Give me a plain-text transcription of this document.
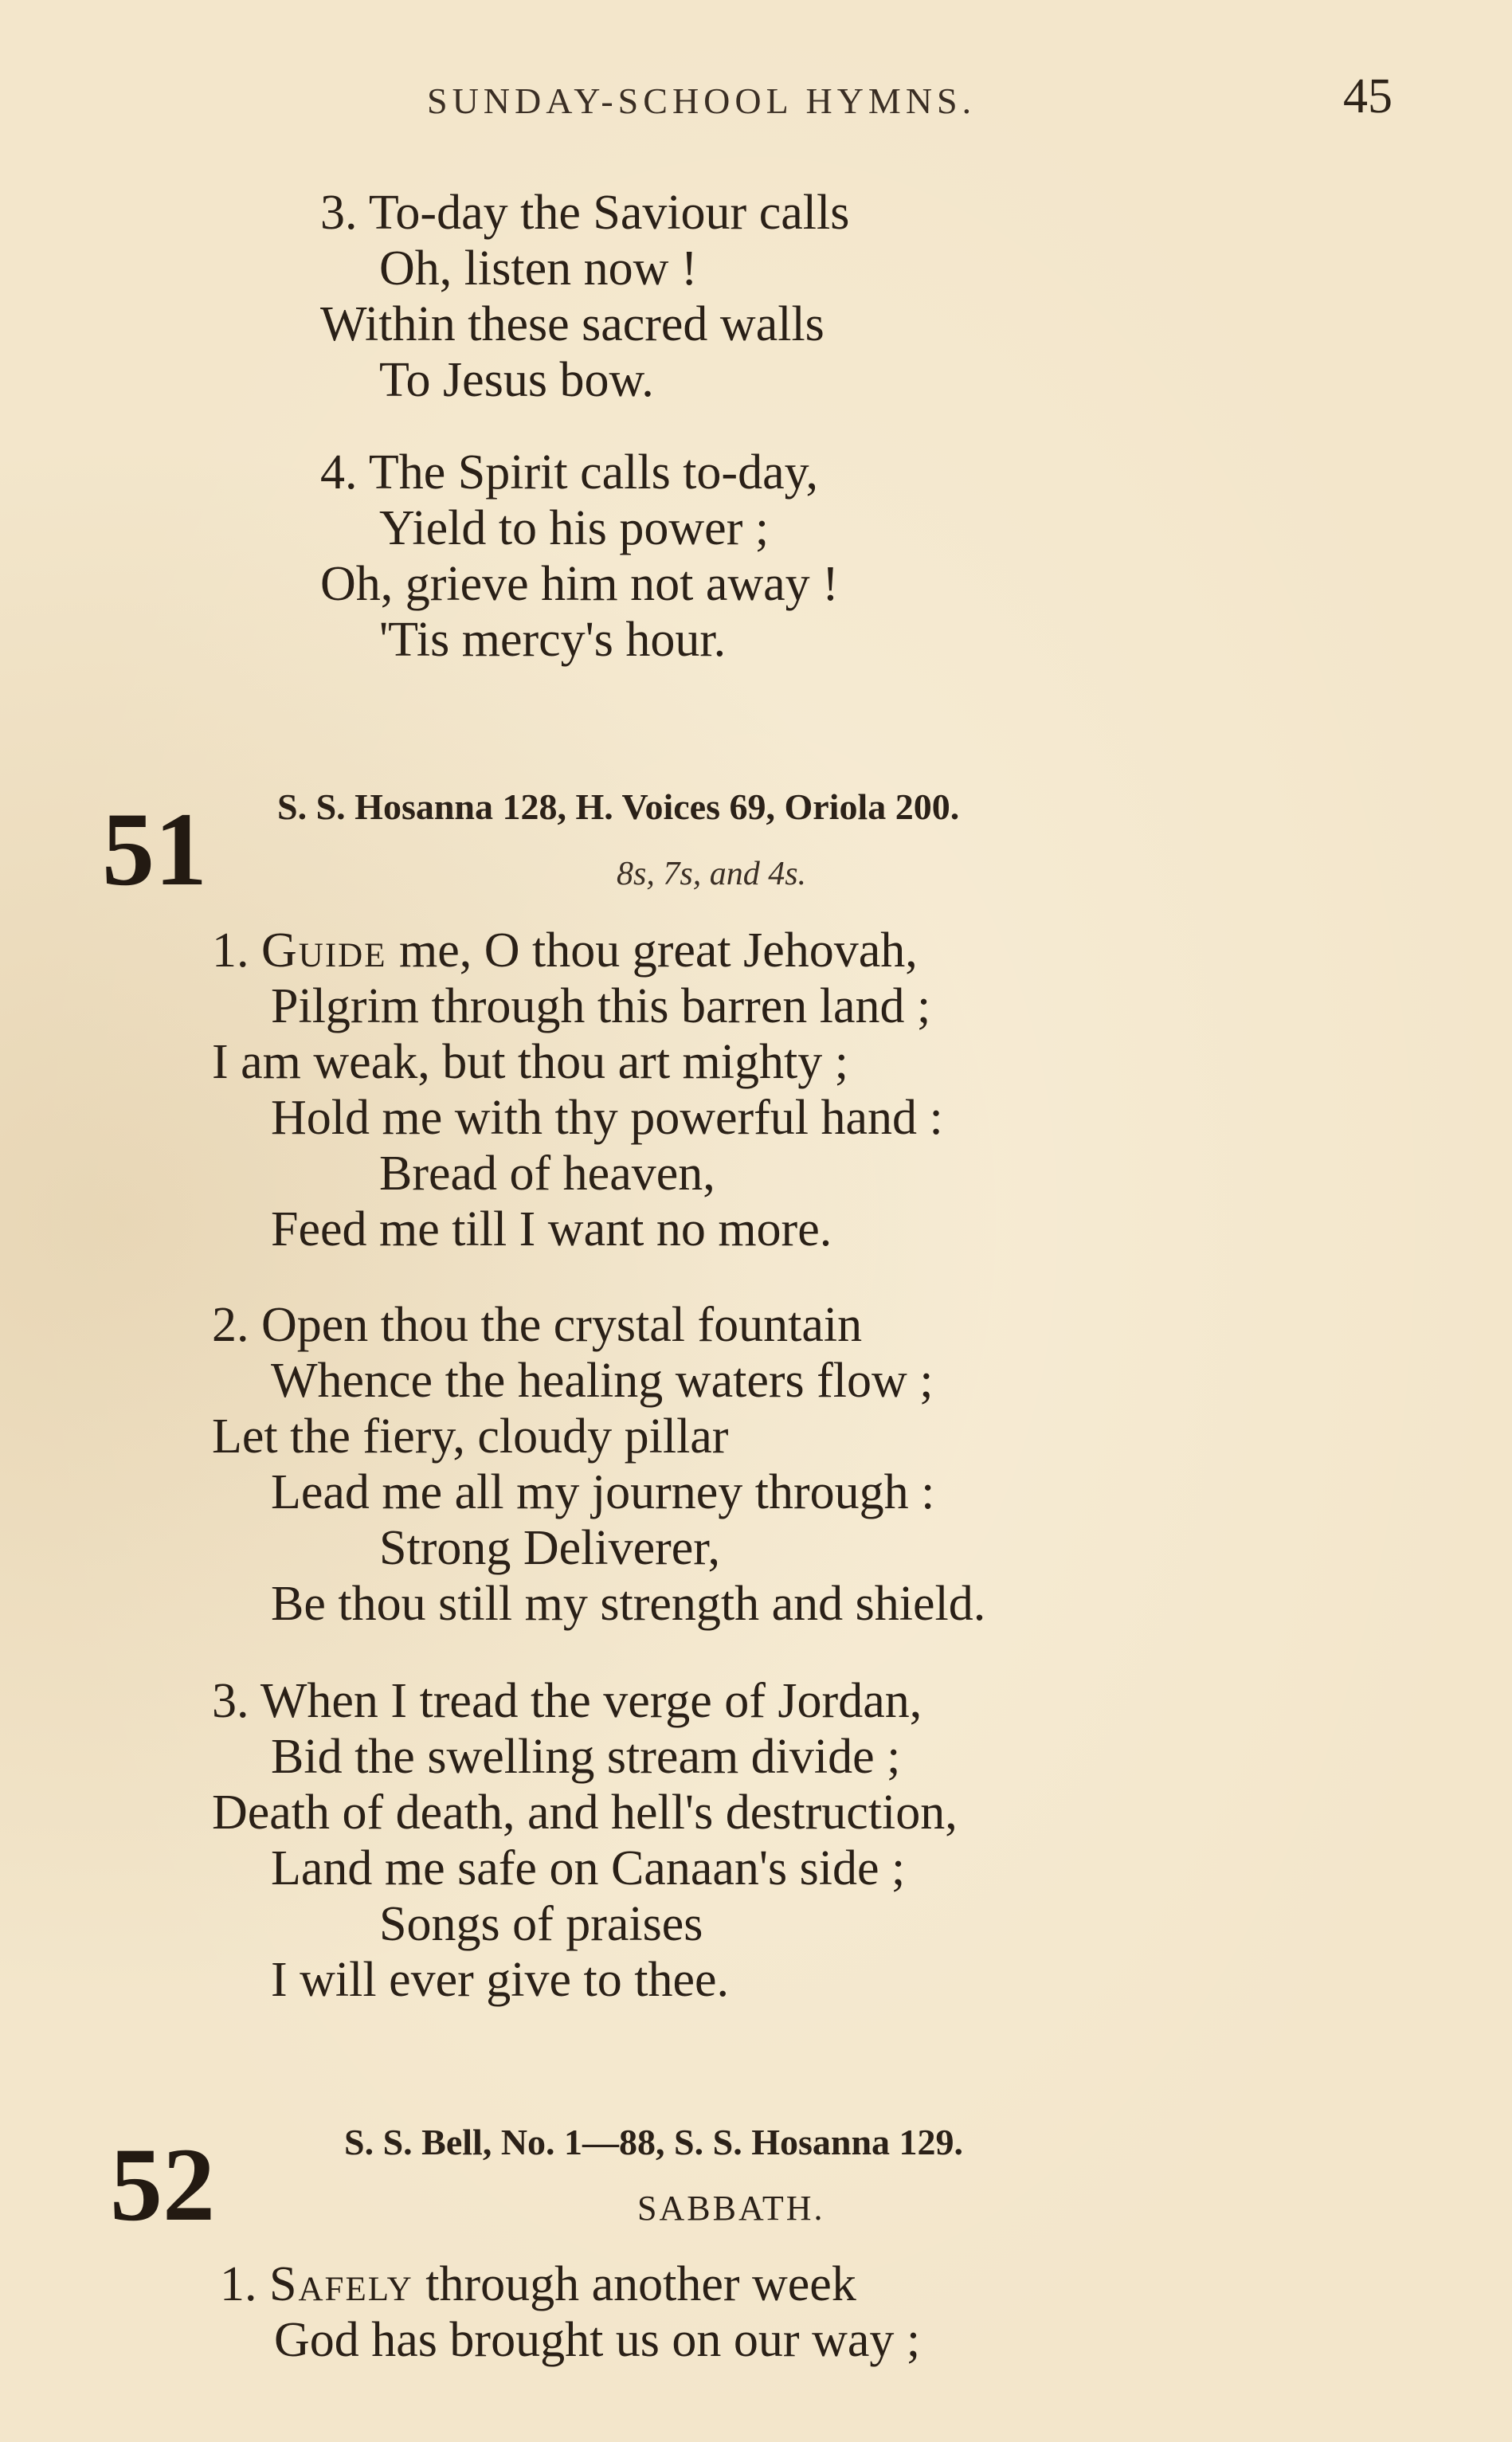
SUNDAY-SCHOOL HYMNS.	45
3. To-day the Saviour calls
Oh, listen now !
Within these sacred walls
To Jesus bow.
4. The Spirit calls to-day,
Yield to his power ;
Oh, grieve him not away !
'Tis mercy's hour.
51 S. S. Hosanna 128, H. Voices 69, Oriola 200.
8s, 7s, and 4s.
1. Guide me, O thou great Jehovah,
Pilgrim through this barren land ;
I am weak, but thou art mighty ;
Hold me with thy powerful hand :
Bread of heaven,
Feed me till I want no more.
2. Open thou the crystal fountain
Whence the healing waters flow ;
Let the fiery, cloudy pillar
Lead me all my journey through :
Strong Deliverer,
Be thou still my strength and shield.
3. When I tread the verge of Jordan,
Bid the swelling stream divide ;
Death of death, and hell's destruction,
Land me safe on Canaan's side ;
Songs of praises
I will ever give to thee.
52	S. S. Bell, No. 1—88, S. S. Hosanna 129.
SABBATH.
1. Safely through another week
God has brought us on our way ;
